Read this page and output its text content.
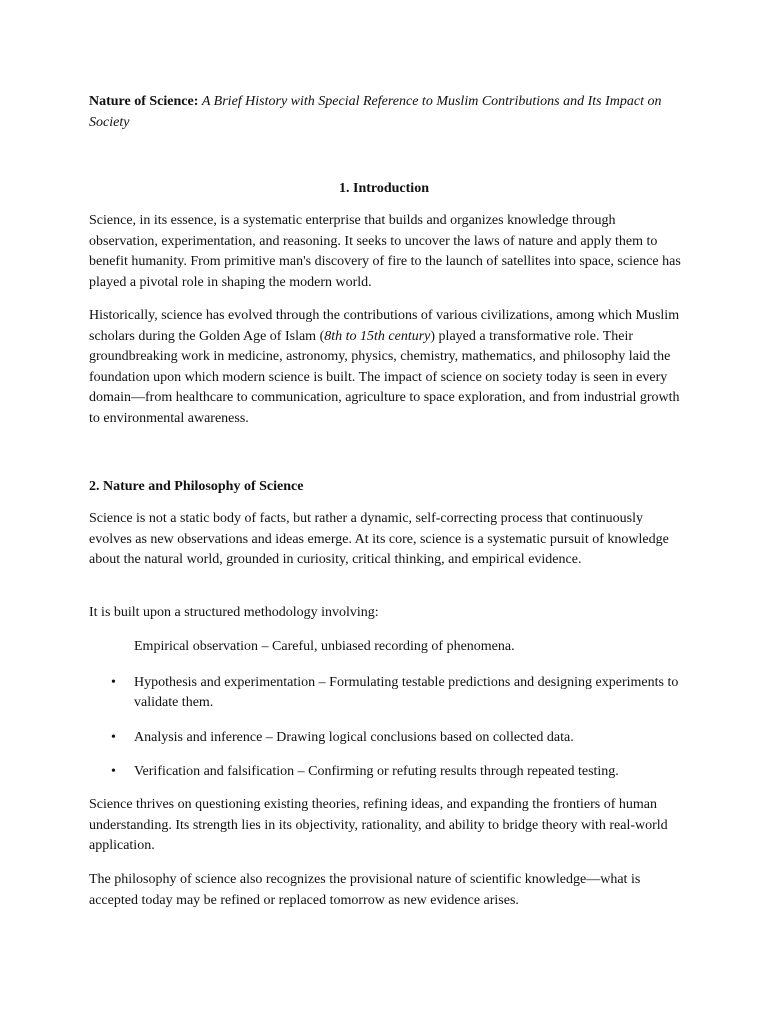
Nature of Science: A Brief History with Special Reference to Muslim Contributions and Its Impact on Society
1. Introduction

Science, in its essence, is a systematic enterprise that builds and organizes knowledge through observation, experimentation, and reasoning. It seeks to uncover the laws of nature and apply them to benefit humanity. From primitive man's discovery of fire to the launch of satellites into space, science has played a pivotal role in shaping the modern world.

Historically, science has evolved through the contributions of various civilizations, among which Muslim scholars during the Golden Age of Islam (8th to 15th century) played a transformative role. Their groundbreaking work in medicine, astronomy, physics, chemistry, mathematics, and philosophy laid the foundation upon which modern science is built. The impact of science on society today is seen in every domain—from healthcare to communication, agriculture to space exploration, and from industrial growth to environmental awareness.

2. Nature and Philosophy of Science

Science is not a static body of facts, but rather a dynamic, self-correcting process that continuously evolves as new observations and ideas emerge. At its core, science is a systematic pursuit of knowledge about the natural world, grounded in curiosity, critical thinking, and empirical evidence.

It is built upon a structured methodology involving:

Empirical observation – Careful, unbiased recording of phenomena.
• Hypothesis and experimentation – Formulating testable predictions and designing experiments to validate them.
• Analysis and inference – Drawing logical conclusions based on collected data.
• Verification and falsification – Confirming or refuting results through repeated testing.

Science thrives on questioning existing theories, refining ideas, and expanding the frontiers of human understanding. Its strength lies in its objectivity, rationality, and ability to bridge theory with real-world application.

The philosophy of science also recognizes the provisional nature of scientific knowledge—what is accepted today may be refined or replaced tomorrow as new evidence arises.
